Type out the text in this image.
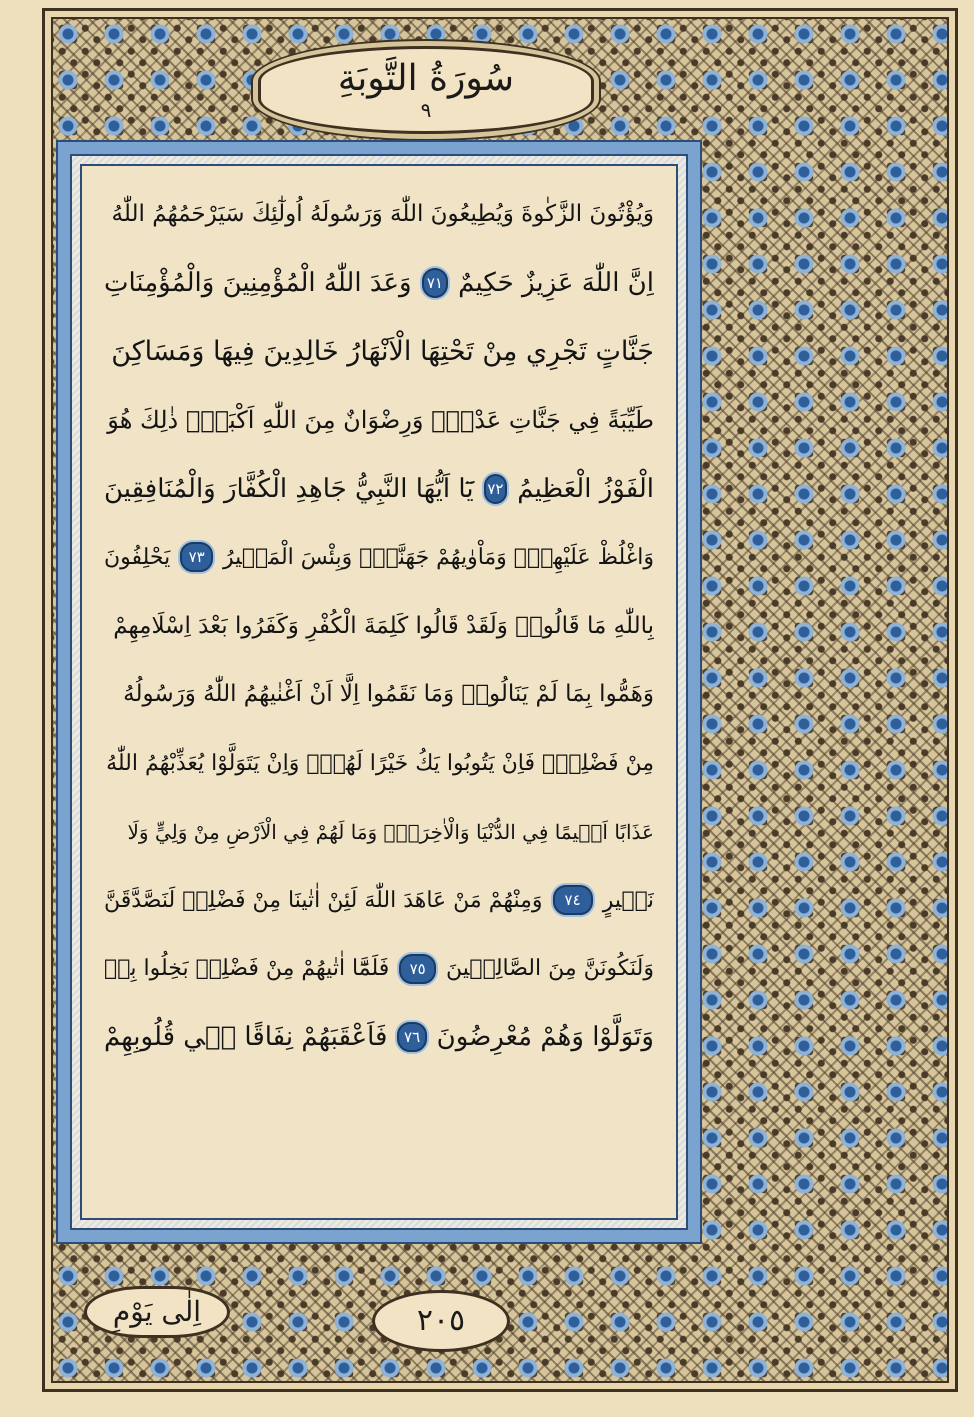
سُورَةُ التَّوبَةِ
٩
وَيُؤْتُونَ الزَّكٰوةَ وَيُطِيعُونَ اللّٰهَ وَرَسُولَهُ اُولٰٓئِكَ سَيَرْحَمُهُمُ اللّٰهُ
اِنَّ اللّٰهَ عَزِيزٌ حَكِيمٌ
٧١
وَعَدَ اللّٰهُ الْمُؤْمِنِينَ وَالْمُؤْمِنَاتِ
جَنَّاتٍ تَجْرِي مِنْ تَحْتِهَا الْاَنْهَارُ خَالِدِينَ فِيهَا وَمَسَاكِنَ
طَيِّبَةً فِي جَنَّاتِ عَدْنٍۜ وَرِضْوَانٌ مِنَ اللّٰهِ اَكْبَرُۜ ذٰلِكَ هُوَ
الْفَوْزُ الْعَظِيمُ
٧٢
يَٓا اَيُّهَا النَّبِيُّ جَاهِدِ الْكُفَّارَ وَالْمُنَافِقِينَ
وَاغْلُظْ عَلَيْهِمْۜ وَمَاْوٰيهُمْ جَهَنَّمُۜ وَبِئْسَ الْمَص۪يرُ
٧٣
يَحْلِفُونَ
بِاللّٰهِ مَا قَالُواۜ وَلَقَدْ قَالُوا كَلِمَةَ الْكُفْرِ وَكَفَرُوا بَعْدَ اِسْلَامِهِمْ
وَهَمُّوا بِمَا لَمْ يَنَالُواۚ وَمَا نَقَمُوا اِلَّا اَنْ اَغْنٰيهُمُ اللّٰهُ وَرَسُولُهُ
مِنْ فَضْلِه۪ۚ فَاِنْ يَتُوبُوا يَكُ خَيْرًا لَهُمْۚ وَاِنْ يَتَوَلَّوْا يُعَذِّبْهُمُ اللّٰهُ
عَذَابًا اَل۪يمًا فِي الدُّنْيَا وَالْاٰخِرَةِۚ وَمَا لَهُمْ فِي الْاَرْضِ مِنْ وَلِيٍّ وَلَا
نَص۪يرٍ
٧٤
وَمِنْهُمْ مَنْ عَاهَدَ اللّٰهَ لَئِنْ اٰتٰينَا مِنْ فَضْلِه۪ لَنَصَّدَّقَنَّ
وَلَنَكُونَنَّ مِنَ الصَّالِح۪ينَ
٧٥
فَلَمَّٓا اٰتٰيهُمْ مِنْ فَضْلِه۪ بَخِلُوا بِه۪
وَتَوَلَّوْا وَهُمْ مُعْرِضُونَ
٧٦
فَاَعْقَبَهُمْ نِفَاقًا ف۪ي قُلُوبِهِمْ
اِلٰى يَوْمِ	٢٠٥
